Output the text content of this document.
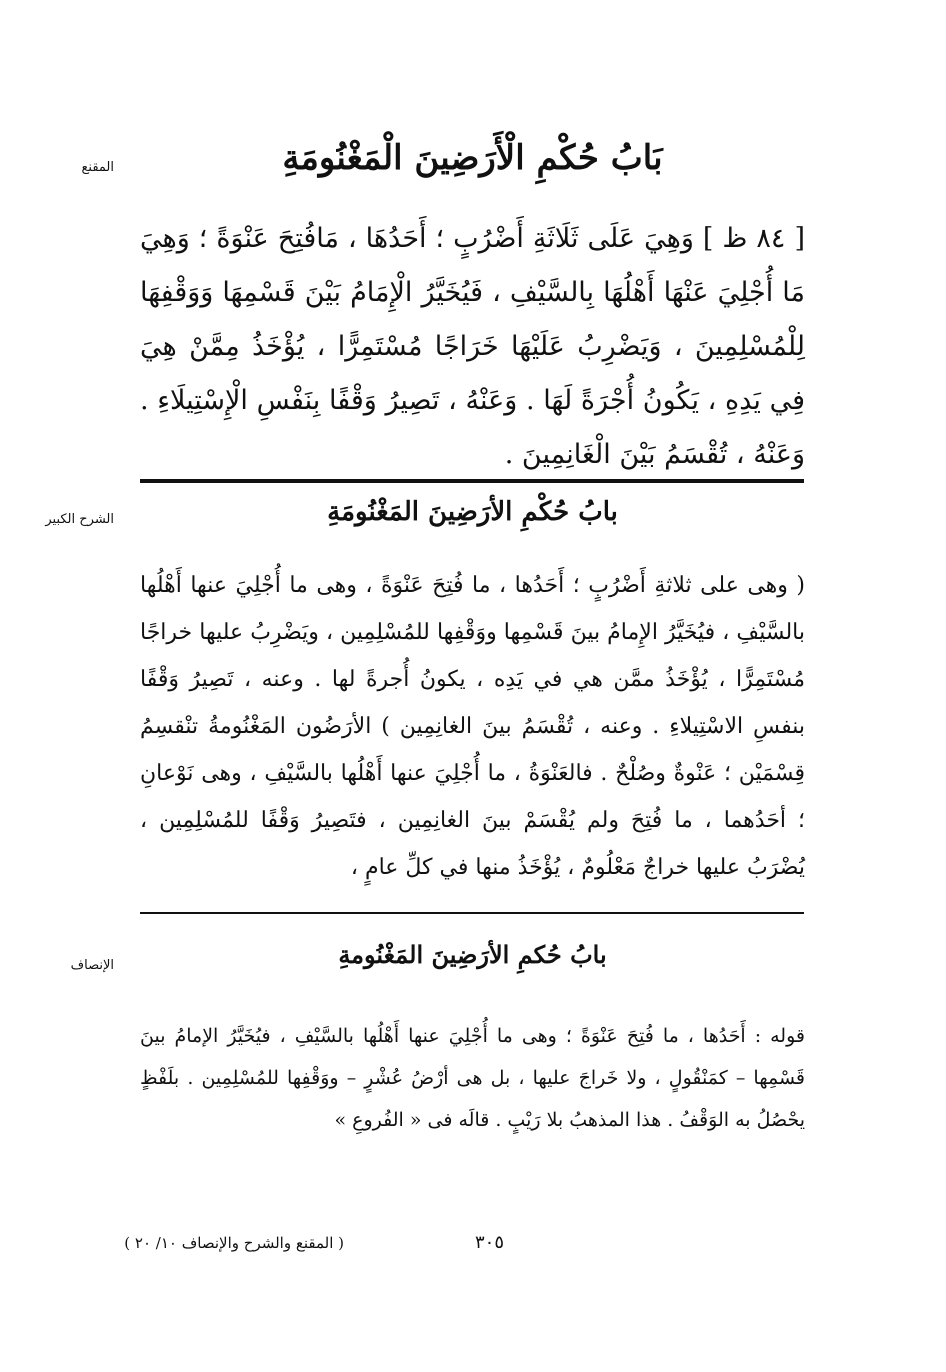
المقنع	بَابُ حُكْمِ الْأَرَضِينَ الْمَغْنُومَةِ

[ ٨٤ ظ ] وَهِيَ عَلَى ثَلَاثَةِ أَضْرُبٍ ؛ أَحَدُهَا ، مَافُتِحَ عَنْوَةً ؛ وَهِيَ مَا أُجْلِيَ عَنْهَا أَهْلُهَا بِالسَّيْفِ ، فَيُخَيَّرُ الْإِمَامُ بَيْنَ قَسْمِهَا وَوَقْفِهَا لِلْمُسْلِمِينَ ، وَيَضْرِبُ عَلَيْهَا خَرَاجًا مُسْتَمِرًّا ، يُؤْخَذُ مِمَّنْ هِيَ فِي يَدِهِ ، يَكُونُ أُجْرَةً لَهَا . وَعَنْهُ ، تَصِيرُ وَقْفًا بِنَفْسِ الْإِسْتِيلَاءِ . وَعَنْهُ ، تُقْسَمُ بَيْنَ الْغَانِمِينَ .

الشرح الكبير	بابُ حُكْمِ الأرَضِينَ المَغْنُومَةِ

( وهى على ثلاثةِ أَضْرُبٍ ؛ أَحَدُها ، ما فُتِحَ عَنْوَةً ، وهى ما أُجْلِيَ عنها أَهْلُها بالسَّيْفِ ، فيُخَيَّرُ الإِمامُ بينَ قَسْمِها ووَقْفِها للمُسْلِمِين ، ويَضْرِبُ عليها خراجًا مُسْتَمِرًّا ، يُؤْخَذُ ممَّن هي في يَدِه ، يكونُ أُجرةً لها . وعنه ، تَصِيرُ وَقْفًا بنفسِ الاسْتِيلاءِ . وعنه ، تُقْسَمُ بينَ الغانِمِين ) الأرَضُون المَغْنُومةُ تنْقسِمُ قِسْمَيْن ؛ عَنْوةٌ وصُلْحٌ . فالعَنْوَةُ ، ما أُجْلِيَ عنها أَهْلُها بالسَّيْفِ ، وهى نَوْعانِ ؛ أحَدُهما ، ما فُتِحَ ولم يُقْسَمْ بينَ الغانِمِين ، فتَصِيرُ وَقْفًا للمُسْلِمِين ، يُضْرَبُ عليها خراجٌ مَعْلُومٌ ، يُؤْخَذُ منها في كلِّ عامٍ ،

الإنصاف	بابُ حُكمِ الأرَضِينَ المَغْنُومةِ

قوله : أَحَدُها ، ما فُتِحَ عَنْوَةً ؛ وهى ما أُجْلِيَ عنها أَهْلُها بالسَّيْفِ ، فيُخَيَّرُ الإمامُ بينَ قَسْمِها – كمَنْقُولٍ ، ولا خَراجَ عليها ، بل هى أرْضُ عُشْرٍ – ووَقْفِها للمُسْلِمِين . بلَفْظٍ يحْصُلُ به الوَقْفُ . هذا المذهبُ بلا رَيْبٍ . قالَه فى « الفُروعِ »

٣٠٥
( المقنع والشرح والإنصاف ١٠/ ٢٠ )
